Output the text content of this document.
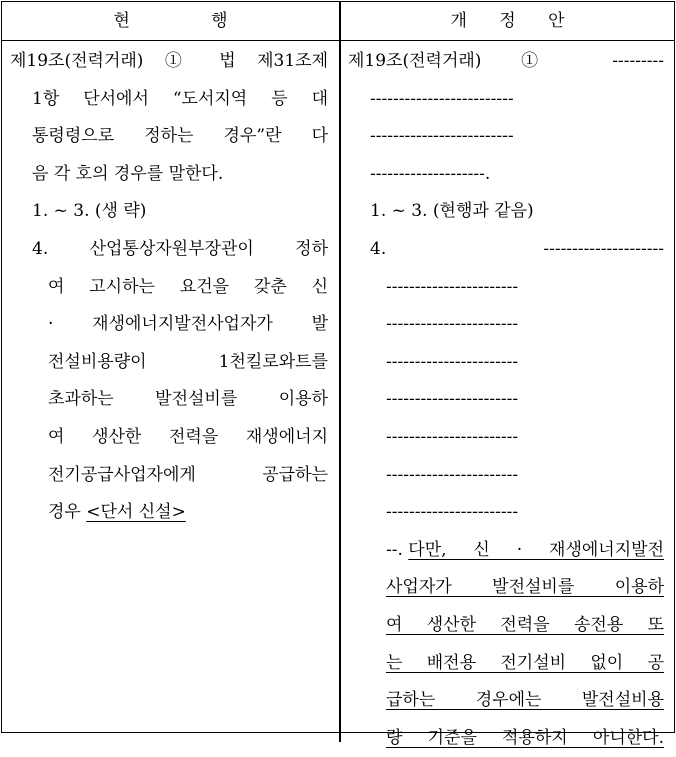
현	행	개 정 안
제19조(전력거래) ① 법 제31조제
1항 단서에서 “도서지역 등 대
통령령으로 정하는 경우”란 다
음 각 호의 경우를 말한다.
1. ~ 3. (생 략)
4. 산업통상자원부장관이 정하
여 고시하는 요건을 갖춘 신
· 재생에너지발전사업자가 발
전설비용량이 1천킬로와트를
초과하는 발전설비를 이용하
여 생산한 전력을 재생에너지
전기공급사업자에게 공급하는
경우 <단서 신설>
제19조(전력거래) ① ---------
-------------------------
-------------------------
--------------------.
1. ~ 3. (현행과 같음)
4. ---------------------
-----------------------
-----------------------
-----------------------
-----------------------
-----------------------
-----------------------
-----------------------
--. 다만, 신 · 재생에너지발전
사업자가 발전설비를 이용하
여 생산한 전력을 송전용 또
는 배전용 전기설비 없이 공
급하는 경우에는 발전설비용
량 기준을 적용하지 아니한다.
